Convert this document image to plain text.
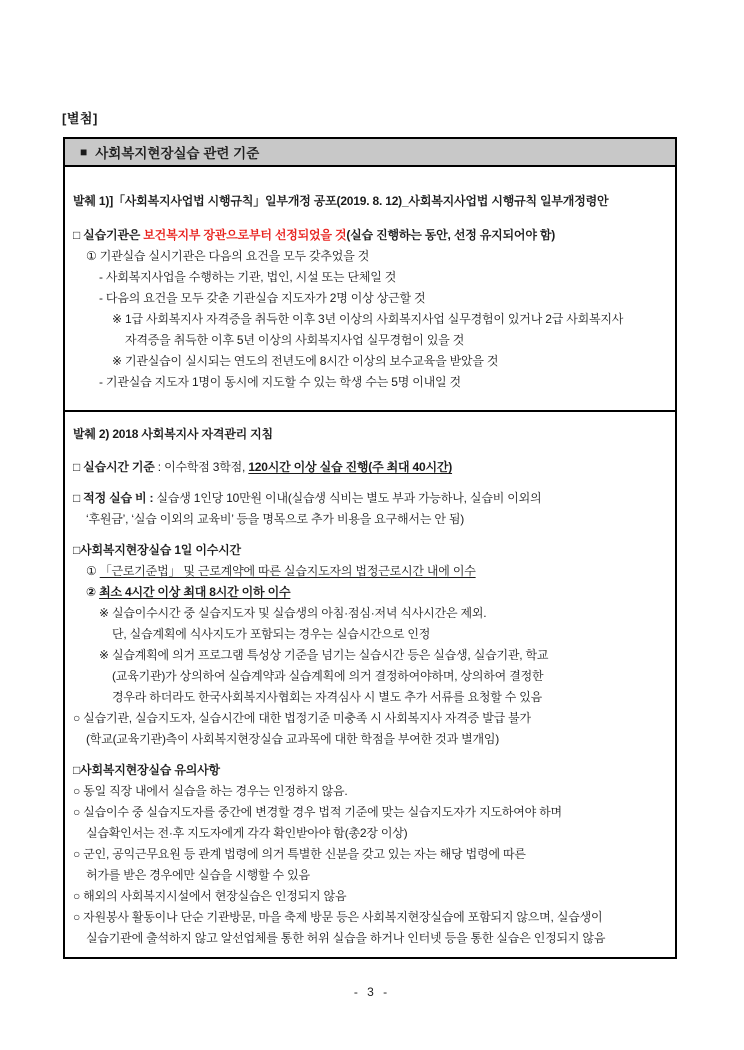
[별첨]
■ 사회복지현장실습 관련 기준
발췌 1)]「사회복지사업법 시행규칙」일부개정 공포(2019. 8. 12)_사회복지사업법 시행규칙 일부개정령안
□ 실습기관은 보건복지부 장관으로부터 선정되었을 것(실습 진행하는 동안, 선정 유지되어야 함)
① 기관실습 실시기관은 다음의 요건을 모두 갖추었을 것
- 사회복지사업을 수행하는 기관, 법인, 시설 또는 단체일 것
- 다음의 요건을 모두 갖춘 기관실습 지도자가 2명 이상 상근할 것
※ 1급 사회복지사 자격증을 취득한 이후 3년 이상의 사회복지사업 실무경험이 있거나 2급 사회복지사
자격증을 취득한 이후 5년 이상의 사회복지사업 실무경험이 있을 것
※ 기관실습이 실시되는 연도의 전년도에 8시간 이상의 보수교육을 받았을 것
- 기관실습 지도자 1명이 동시에 지도할 수 있는 학생 수는 5명 이내일 것
발췌 2) 2018 사회복지사 자격관리 지침
□ 실습시간 기준 : 이수학점 3학점, 120시간 이상 실습 진행(주 최대 40시간)
□ 적정 실습 비 : 실습생 1인당 10만원 이내(실습생 식비는 별도 부과 가능하나, 실습비 이외의
‘후원금’, ‘실습 이외의 교육비’ 등을 명목으로 추가 비용을 요구해서는 안 됨)
□사회복지현장실습 1일 이수시간
① 「근로기준법」 및 근로계약에 따른 실습지도자의 법정근로시간 내에 이수
② 최소 4시간 이상 최대 8시간 이하 이수
※ 실습이수시간 중 실습지도자 및 실습생의 아침·점심·저녁 식사시간은 제외.
단, 실습계획에 식사지도가 포함되는 경우는 실습시간으로 인정
※ 실습계획에 의거 프로그램 특성상 기준을 넘기는 실습시간 등은 실습생, 실습기관, 학교
(교육기관)가 상의하여 실습계약과 실습계획에 의거 결정하여야하며, 상의하여 결정한
경우라 하더라도 한국사회복지사협회는 자격심사 시 별도 추가 서류를 요청할 수 있음
○ 실습기관, 실습지도자, 실습시간에 대한 법정기준 미충족 시 사회복지사 자격증 발급 불가
(학교(교육기관)측이 사회복지현장실습 교과목에 대한 학점을 부여한 것과 별개임)
□사회복지현장실습 유의사항
○ 동일 직장 내에서 실습을 하는 경우는 인정하지 않음.
○ 실습이수 중 실습지도자를 중간에 변경할 경우 법적 기준에 맞는 실습지도자가 지도하여야 하며
실습확인서는 전·후 지도자에게 각각 확인받아야 함(총2장 이상)
○ 군인, 공익근무요원 등 관계 법령에 의거 특별한 신분을 갖고 있는 자는 해당 법령에 따른
허가를 받은 경우에만 실습을 시행할 수 있음
○ 해외의 사회복지시설에서 현장실습은 인정되지 않음
○ 자원봉사 활동이나 단순 기관방문, 마을 축제 방문 등은 사회복지현장실습에 포함되지 않으며, 실습생이
실습기관에 출석하지 않고 알선업체를 통한 허위 실습을 하거나 인터넷 등을 통한 실습은 인정되지 않음
- 3 -
